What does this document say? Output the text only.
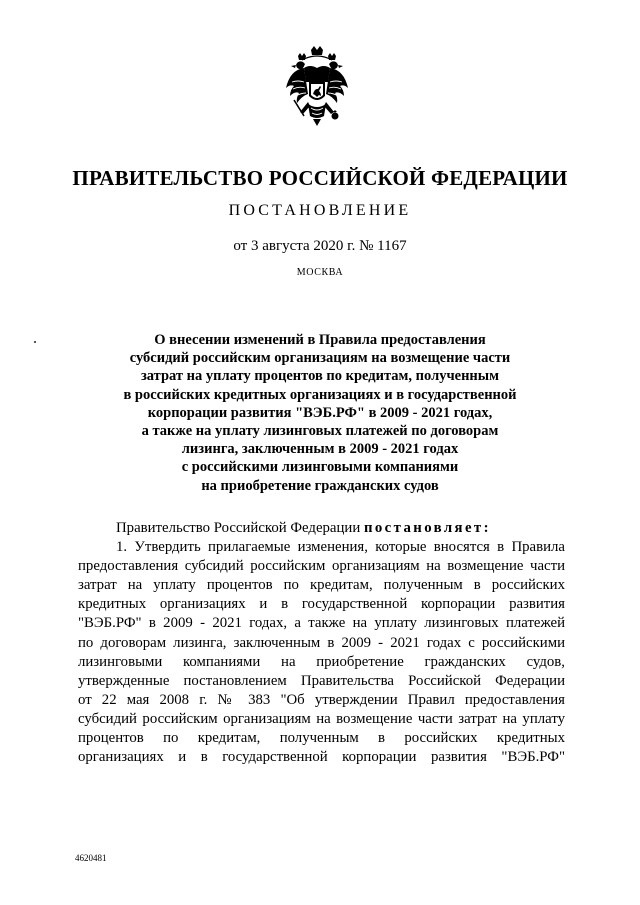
ПРАВИТЕЛЬСТВО РОССИЙСКОЙ ФЕДЕРАЦИИ
ПОСТАНОВЛЕНИЕ
от 3 августа 2020 г. № 1167
МОСКВА
О внесении изменений в Правила предоставления
субсидий российским организациям на возмещение части
затрат на уплату процентов по кредитам, полученным
в российских кредитных организациях и в государственной
корпорации развития "ВЭБ.РФ" в 2009 - 2021 годах,
а также на уплату лизинговых платежей по договорам
лизинга, заключенным в 2009 - 2021 годах
с российскими лизинговыми компаниями
на приобретение гражданских судов
Правительство Российской Федерации постановляет:
1. Утвердить прилагаемые изменения, которые вносятся в Правила
предоставления субсидий российским организациям на возмещение части
затрат на уплату процентов по кредитам, полученным в российских
кредитных организациях и в государственной корпорации развития
"ВЭБ.РФ" в 2009 - 2021 годах, а также на уплату лизинговых платежей
по договорам лизинга, заключенным в 2009 - 2021 годах с российскими
лизинговыми компаниями на приобретение гражданских судов,
утвержденные постановлением Правительства Российской Федерации
от 22 мая 2008 г. № 383 "Об утверждении Правил предоставления
субсидий российским организациям на возмещение части затрат на уплату
процентов по кредитам, полученным в российских кредитных
организациях и в государственной корпорации развития "ВЭБ.РФ"
4620481
